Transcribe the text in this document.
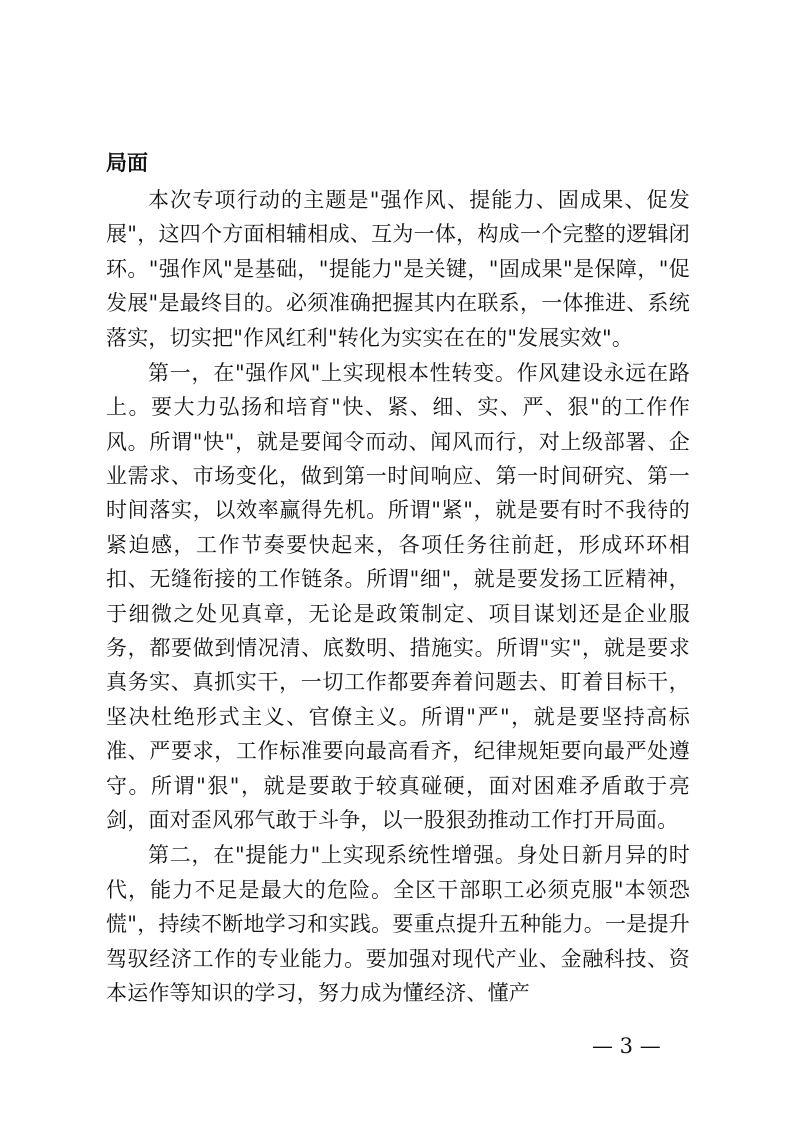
局面

本次专项行动的主题是"强作风、提能力、固成果、促发展"，这四个方面相辅相成、互为一体，构成一个完整的逻辑闭环。"强作风"是基础，"提能力"是关键，"固成果"是保障，"促发展"是最终目的。必须准确把握其内在联系，一体推进、系统落实，切实把"作风红利"转化为实实在在的"发展实效"。

第一，在"强作风"上实现根本性转变。作风建设永远在路上。要大力弘扬和培育"快、紧、细、实、严、狠"的工作作风。所谓"快"，就是要闻令而动、闻风而行，对上级部署、企业需求、市场变化，做到第一时间响应、第一时间研究、第一时间落实，以效率赢得先机。所谓"紧"，就是要有时不我待的紧迫感，工作节奏要快起来，各项任务往前赶，形成环环相扣、无缝衔接的工作链条。所谓"细"，就是要发扬工匠精神，于细微之处见真章，无论是政策制定、项目谋划还是企业服务，都要做到情况清、底数明、措施实。所谓"实"，就是要求真务实、真抓实干，一切工作都要奔着问题去、盯着目标干，坚决杜绝形式主义、官僚主义。所谓"严"，就是要坚持高标准、严要求，工作标准要向最高看齐，纪律规矩要向最严处遵守。所谓"狠"，就是要敢于较真碰硬，面对困难矛盾敢于亮剑，面对歪风邪气敢于斗争，以一股狠劲推动工作打开局面。

第二，在"提能力"上实现系统性增强。身处日新月异的时代，能力不足是最大的危险。全区干部职工必须克服"本领恐慌"，持续不断地学习和实践。要重点提升五种能力。一是提升驾驭经济工作的专业能力。要加强对现代产业、金融科技、资本运作等知识的学习，努力成为懂经济、懂产

— 3 —
